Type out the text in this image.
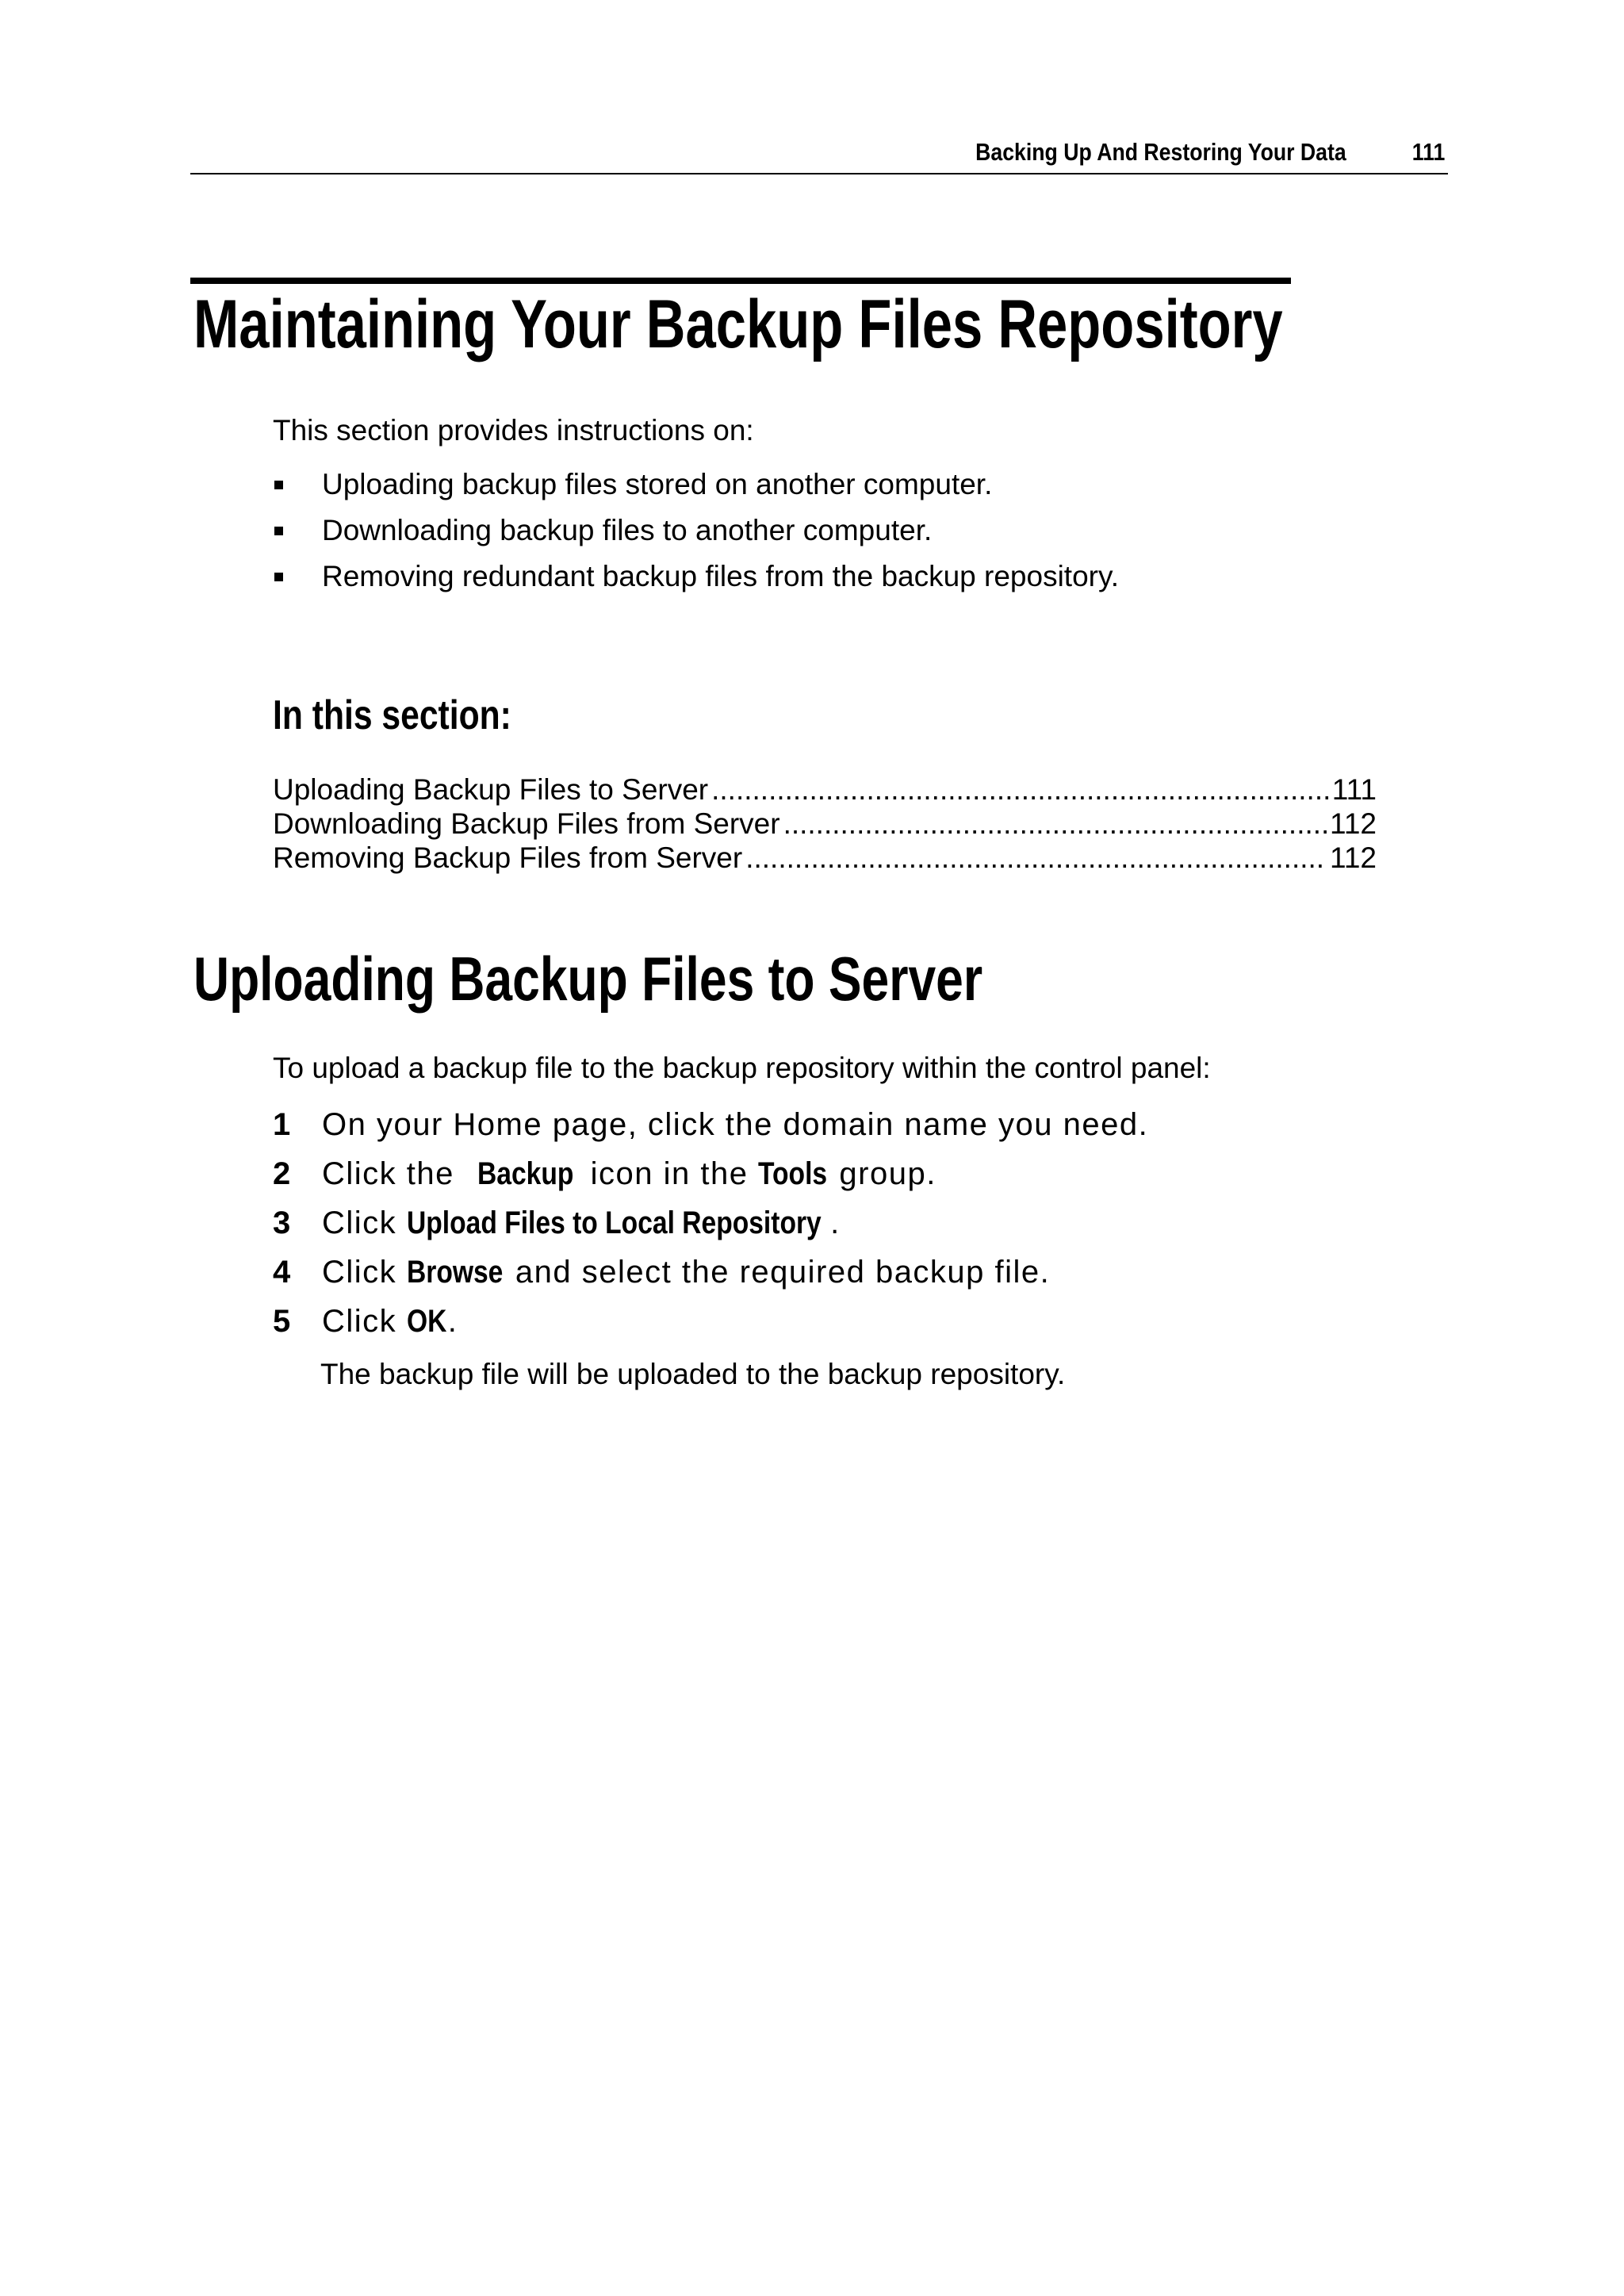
Backing Up And Restoring Your Data	111
Maintaining Your Backup Files Repository
This section provides instructions on:
Uploading backup files stored on another computer.
Downloading backup files to another computer.
Removing redundant backup files from the backup repository.
In this section:
Uploading Backup Files to Server .....	111
Downloading Backup Files from Server .....	112
Removing Backup Files from Server .....	112
Uploading Backup Files to Server
To upload a backup file to the backup repository within the control panel:
1 On your Home page, click the domain name you need.
2 Click the Backup icon in the Tools group.
3 Click Upload Files to Local Repository .
4 Click Browse and select the required backup file.
5 Click OK.
The backup file will be uploaded to the backup repository.
